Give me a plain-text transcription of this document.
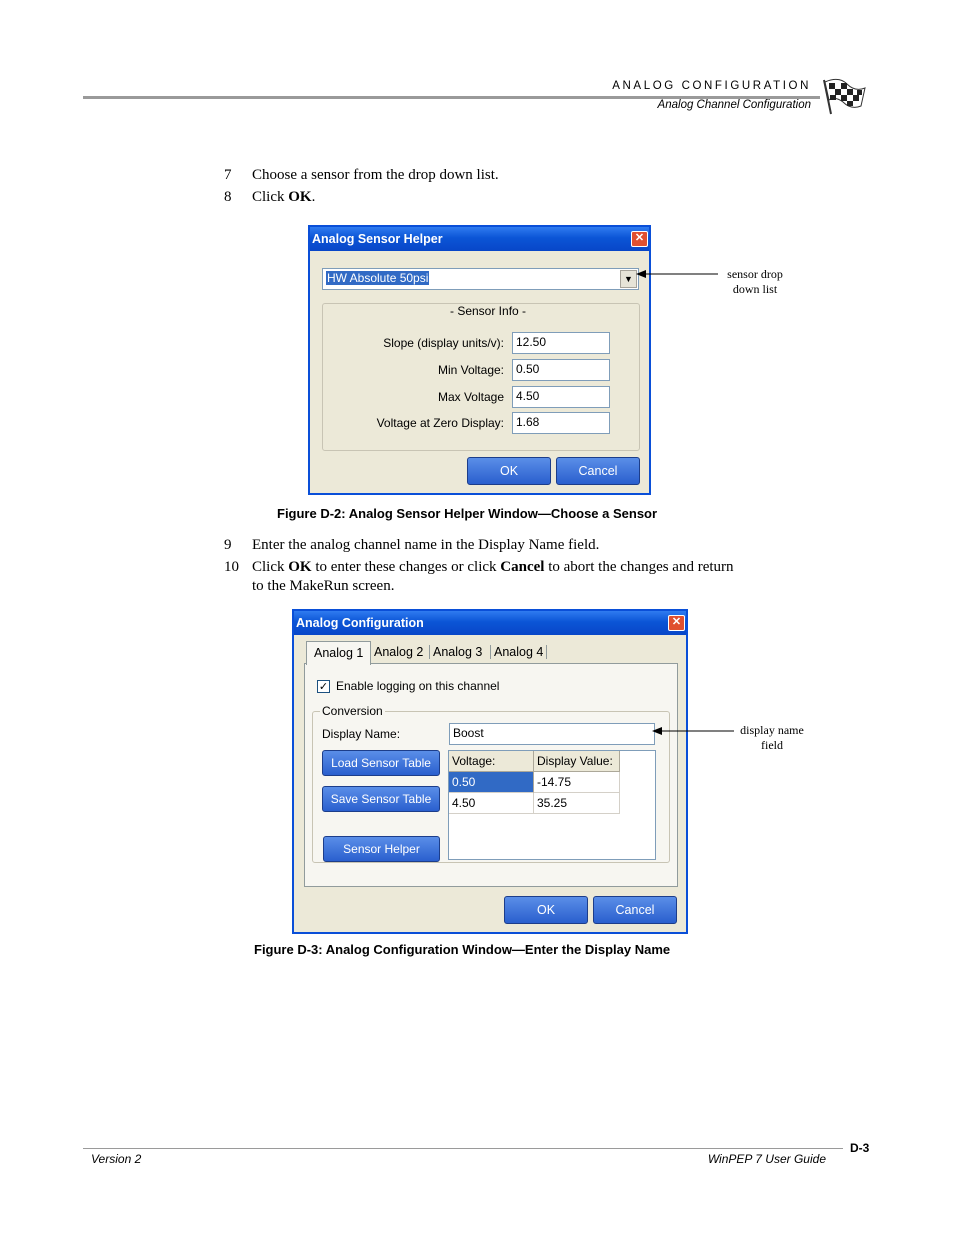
ANALOG CONFIGURATION
Analog Channel Configuration
7 Choose a sensor from the drop down list.
8 Click OK.
Analog Sensor Helper	✕
HW Absolute 50psi	▼
- Sensor Info -
Slope (display units/v):	12.50
Min Voltage:	0.50
Max Voltage	4.50
Voltage at Zero Display:	1.68
OK	Cancel
sensor drop
down list
Figure D-2: Analog Sensor Helper Window—Choose a Sensor
9 Enter the analog channel name in the Display Name field.
10 Click OK to enter these changes or click Cancel to abort the changes and return
to the MakeRun screen.
Analog Configuration	✕
Analog 1 Analog 2 Analog 3 Analog 4
✓ Enable logging on this channel
Conversion
Display Name:	Boost
Load Sensor Table
Save Sensor Table
Sensor Helper
Voltage:	Display Value:
0.50	-14.75
4.50	35.25
OK	Cancel
display name
field
Figure D-3: Analog Configuration Window—Enter the Display Name
Version 2	WinPEP 7 User Guide
D-3
